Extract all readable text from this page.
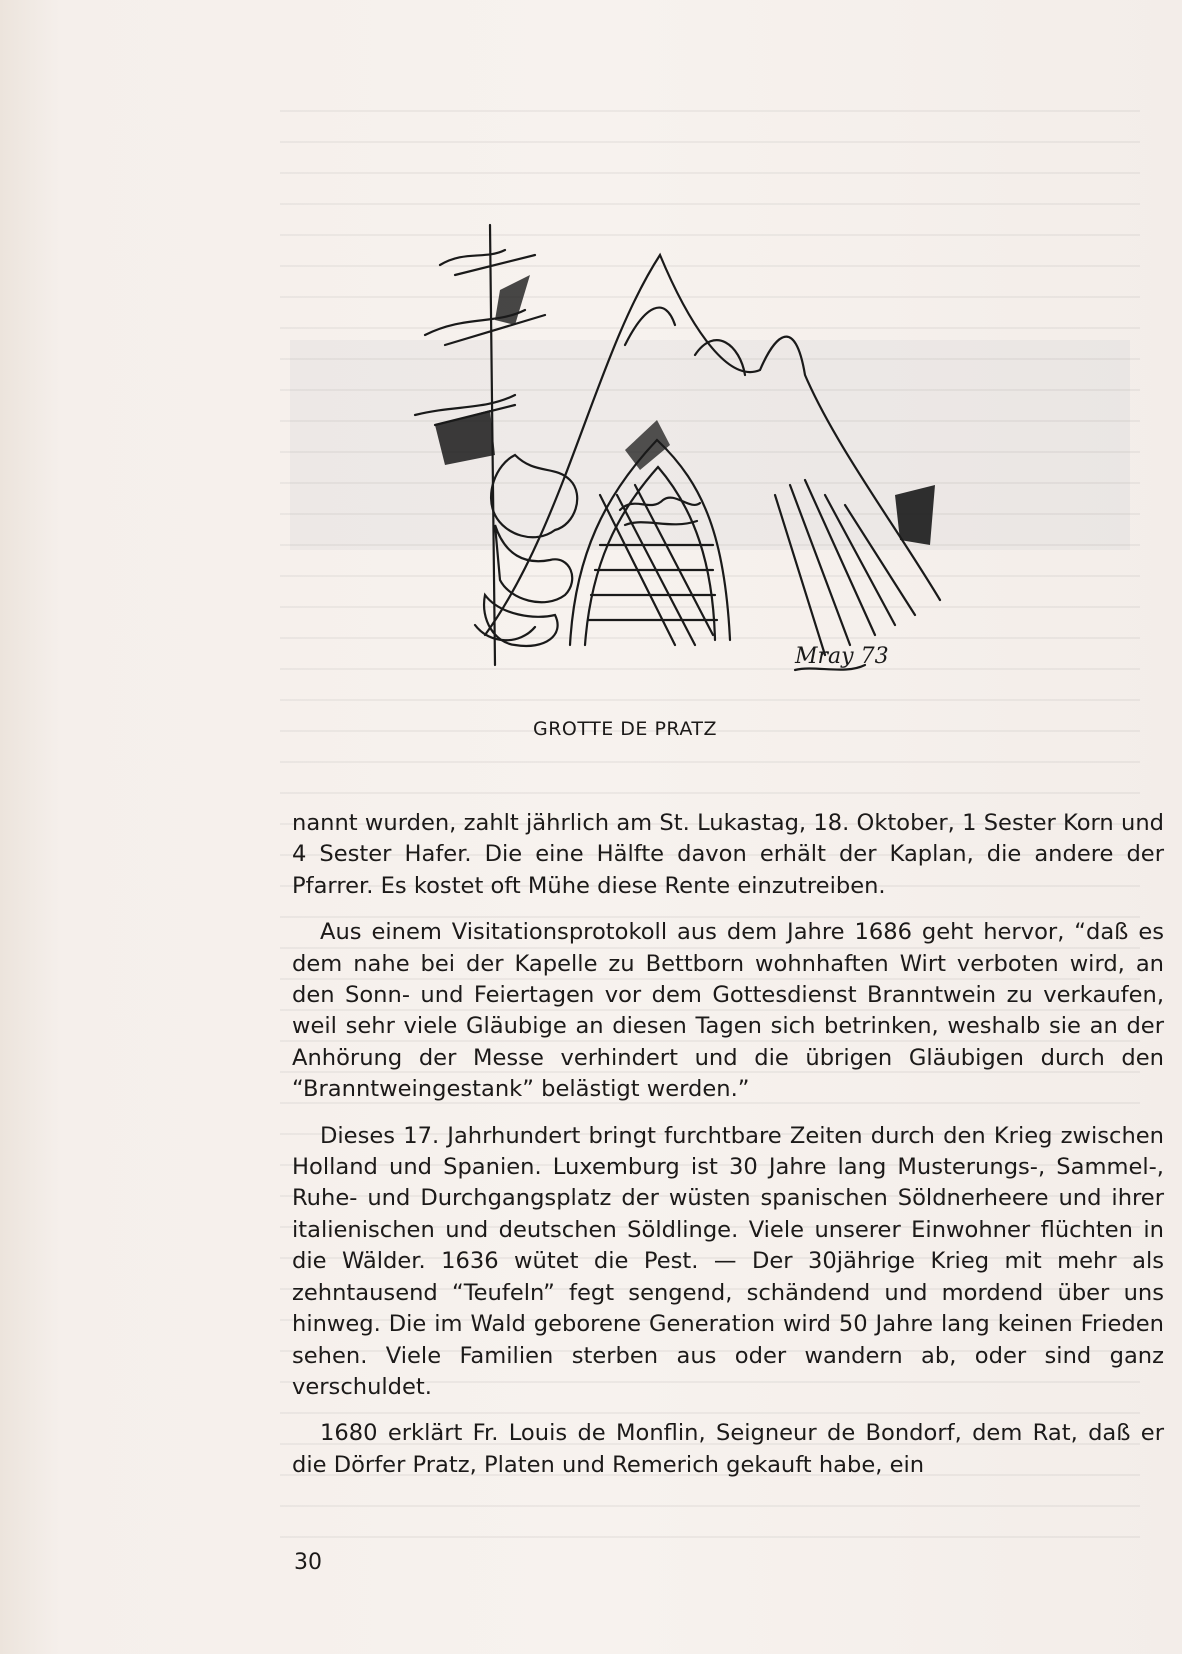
Mray 73
GROTTE DE PRATZ

nannt wurden, zahlt jährlich am St. Lukastag, 18. Oktober, 1 Sester Korn und 4 Sester Hafer. Die eine Hälfte davon erhält der Kaplan, die andere der Pfarrer. Es kostet oft Mühe diese Rente einzutreiben.

Aus einem Visitationsprotokoll aus dem Jahre 1686 geht hervor, “daß es dem nahe bei der Kapelle zu Bettborn wohnhaften Wirt verboten wird, an den Sonn- und Feiertagen vor dem Gottesdienst Branntwein zu verkaufen, weil sehr viele Gläubige an diesen Tagen sich betrinken, weshalb sie an der Anhörung der Messe verhindert und die übrigen Gläubigen durch den “Branntweingestank” belästigt werden.”

Dieses 17. Jahrhundert bringt furchtbare Zeiten durch den Krieg zwischen Holland und Spanien. Luxemburg ist 30 Jahre lang Musterungs-, Sammel-, Ruhe- und Durchgangsplatz der wüsten spanischen Söldnerheere und ihrer italienischen und deutschen Söldlinge. Viele unserer Einwohner flüchten in die Wälder. 1636 wütet die Pest. — Der 30jährige Krieg mit mehr als zehntausend “Teufeln” fegt sengend, schändend und mordend über uns hinweg. Die im Wald geborene Generation wird 50 Jahre lang keinen Frieden sehen. Viele Familien sterben aus oder wandern ab, oder sind ganz verschuldet.

1680 erklärt Fr. Louis de Monflin, Seigneur de Bondorf, dem Rat, daß er die Dörfer Pratz, Platen und Remerich gekauft habe, ein

30
